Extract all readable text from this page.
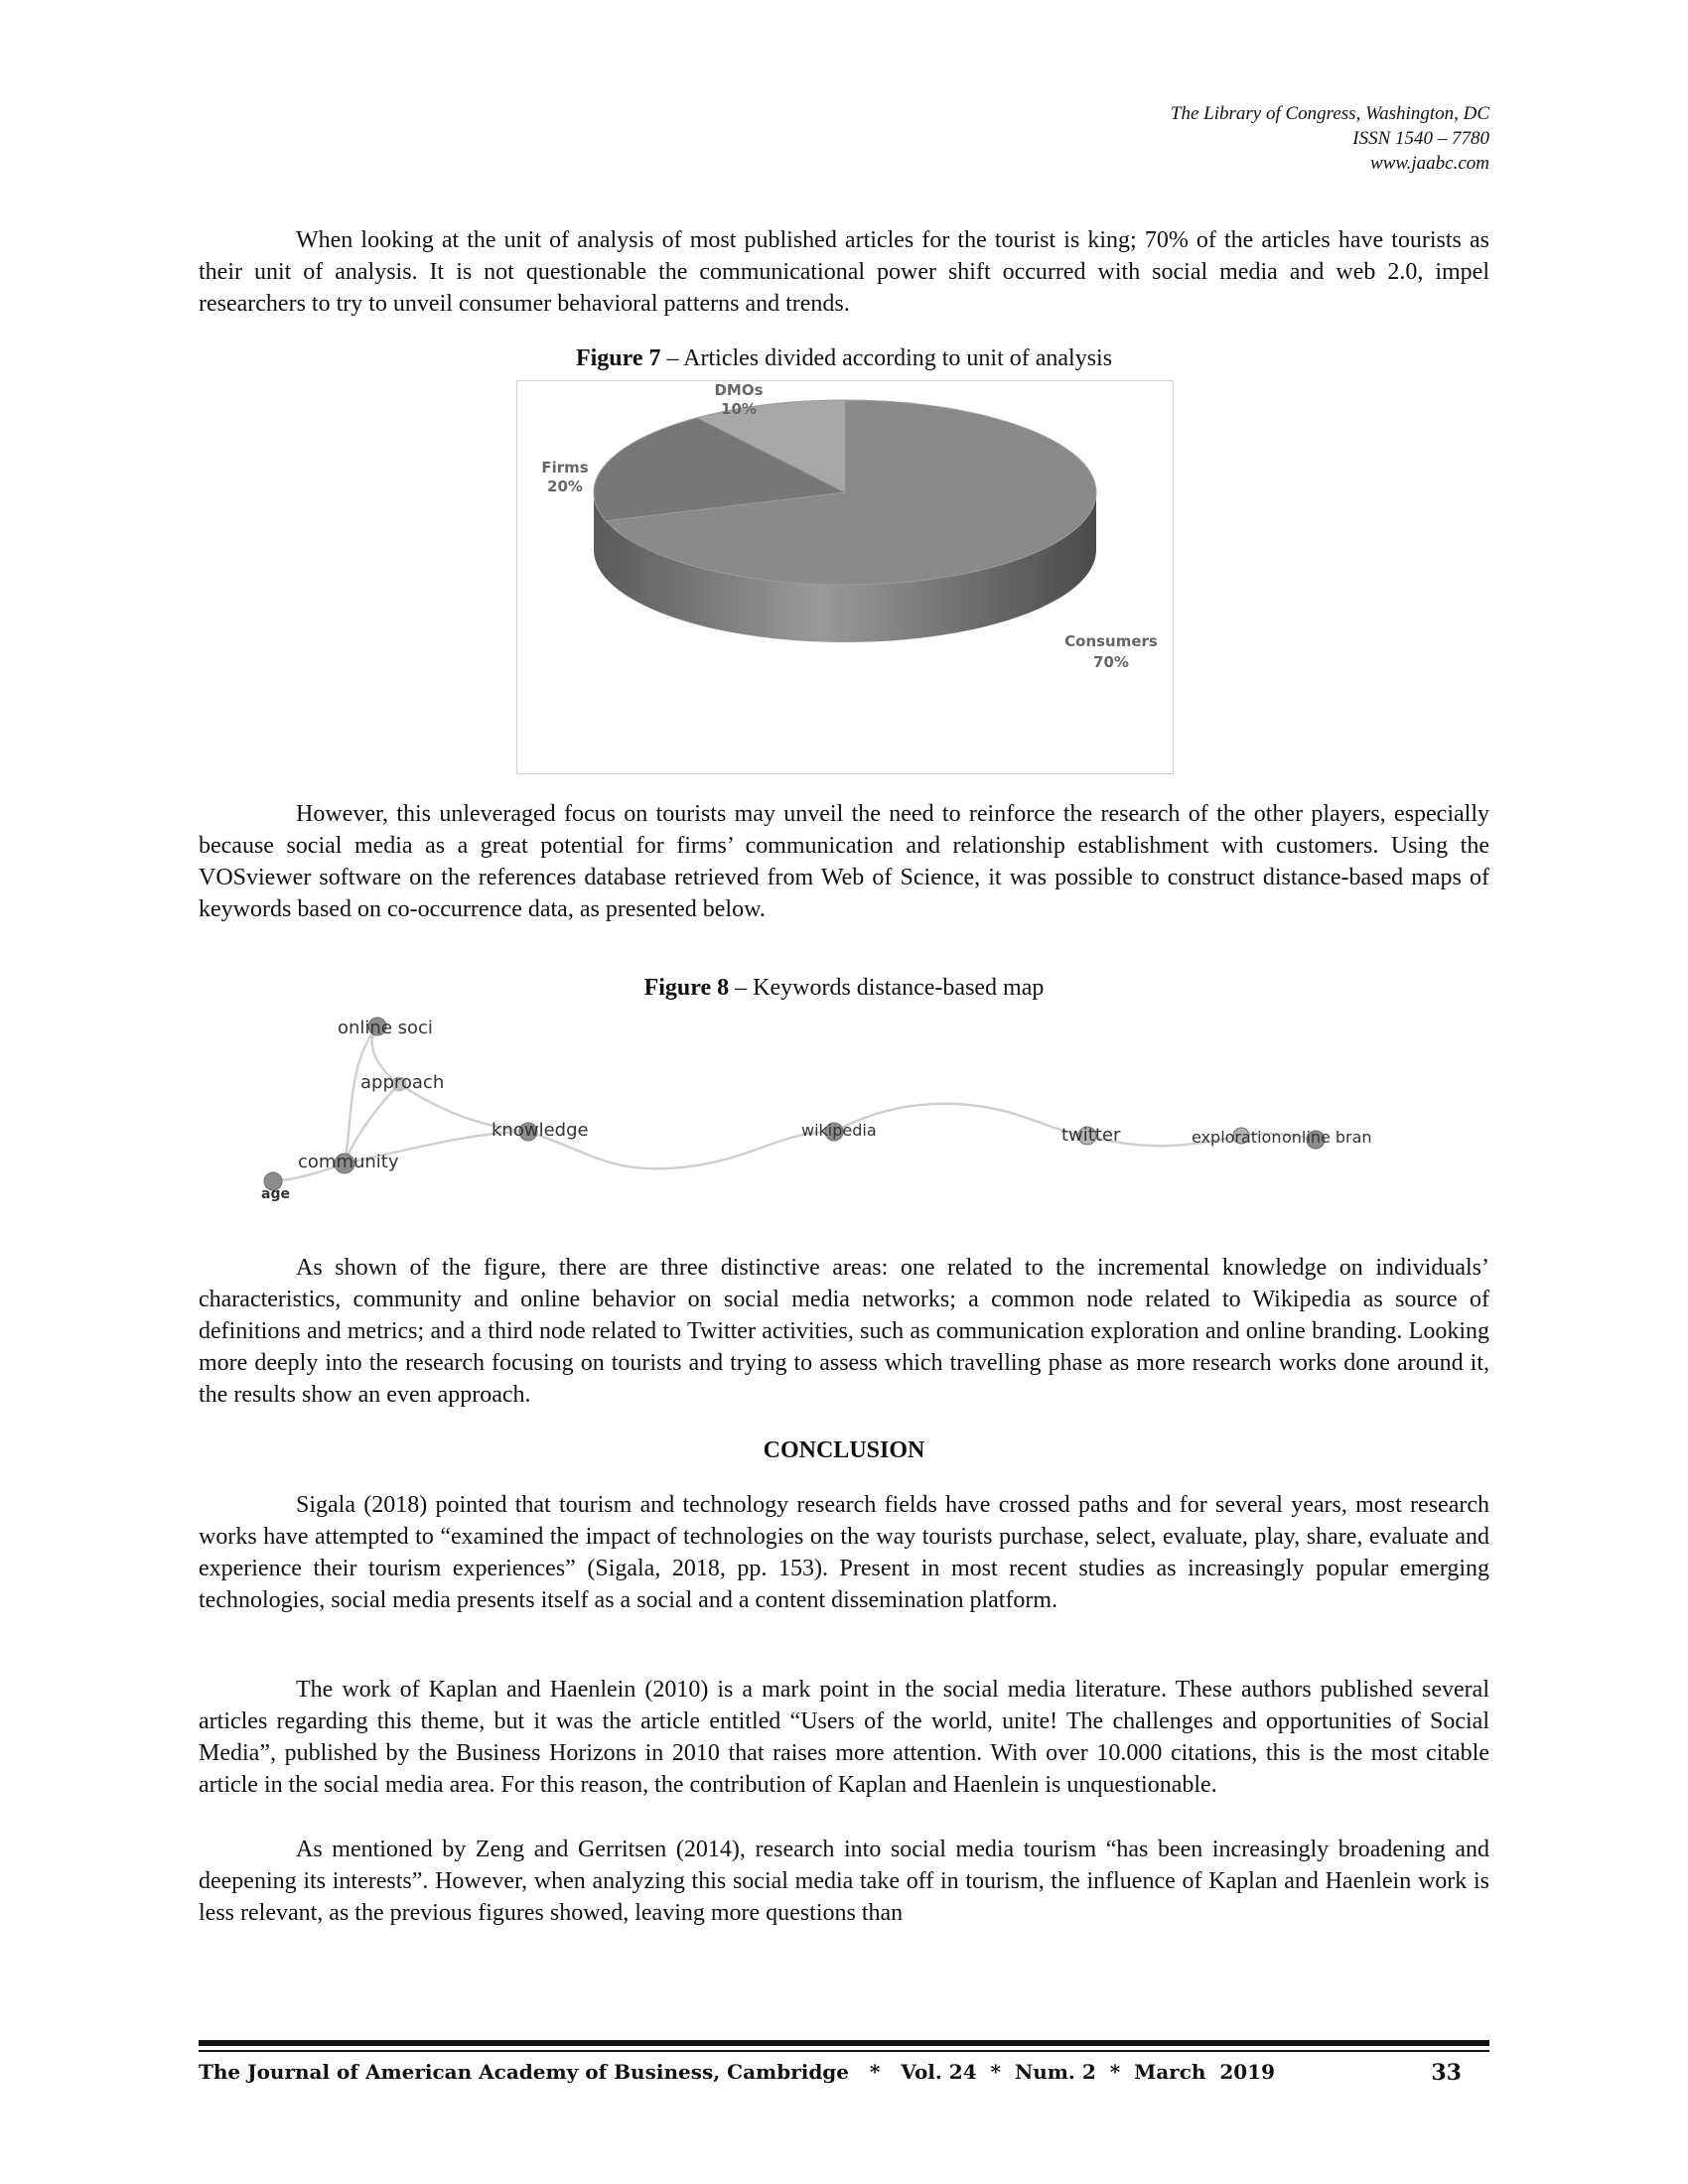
The Library of Congress, Washington, DC
ISSN 1540 – 7780
www.jaabc.com

When looking at the unit of analysis of most published articles for the tourist is king; 70% of the articles have tourists as their unit of analysis. It is not questionable the communicational power shift occurred with social media and web 2.0, impel researchers to try to unveil consumer behavioral patterns and trends.

Figure 7 – Articles divided according to unit of analysis
DMOs
10%
Firms
20%
Consumers
70%

However, this unleveraged focus on tourists may unveil the need to reinforce the research of the other players, especially because social media as a great potential for firms’ communication and relationship establishment with customers. Using the VOSviewer software on the references database retrieved from Web of Science, it was possible to construct distance-based maps of keywords based on co-occurrence data, as presented below.

Figure 8 – Keywords distance-based map
online soci
approach
knowledge
community
age
wikipedia	twitter	exploration online bran

As shown of the figure, there are three distinctive areas: one related to the incremental knowledge on individuals’ characteristics, community and online behavior on social media networks; a common node related to Wikipedia as source of definitions and metrics; and a third node related to Twitter activities, such as communication exploration and online branding. Looking more deeply into the research focusing on tourists and trying to assess which travelling phase as more research works done around it, the results show an even approach.

CONCLUSION

Sigala (2018) pointed that tourism and technology research fields have crossed paths and for several years, most research works have attempted to “examined the impact of technologies on the way tourists purchase, select, evaluate, play, share, evaluate and experience their tourism experiences” (Sigala, 2018, pp. 153). Present in most recent studies as increasingly popular emerging technologies, social media presents itself as a social and a content dissemination platform.

The work of Kaplan and Haenlein (2010) is a mark point in the social media literature. These authors published several articles regarding this theme, but it was the article entitled “Users of the world, unite! The challenges and opportunities of Social Media”, published by the Business Horizons in 2010 that raises more attention. With over 10.000 citations, this is the most citable article in the social media area. For this reason, the contribution of Kaplan and Haenlein is unquestionable.

As mentioned by Zeng and Gerritsen (2014), research into social media tourism “has been increasingly broadening and deepening its interests”. However, when analyzing this social media take off in tourism, the influence of Kaplan and Haenlein work is less relevant, as the previous figures showed, leaving more questions than

The Journal of American Academy of Business, Cambridge   *   Vol. 24  *  Num. 2  *  March  2019	33
